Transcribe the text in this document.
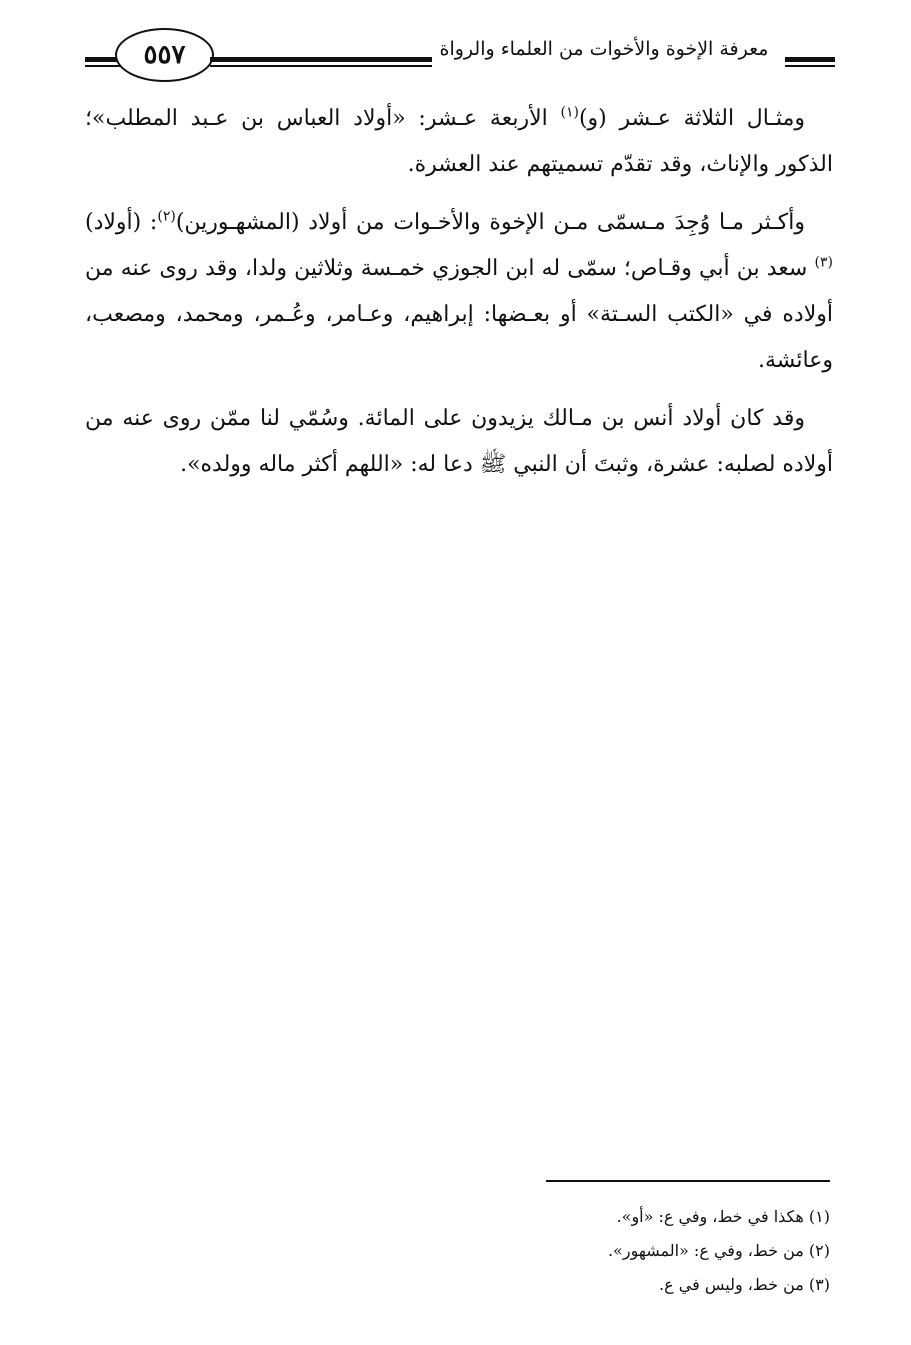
٥٥٧	معرفة الإخوة والأخوات من العلماء والرواة

ومثـال الثلاثة عـشر (و)$^{(١)}$ الأربعة عـشر: «أولاد العباس بن عـبد المطلب»؛ الذكور والإناث، وقد تقدّم تسميتهم عند العشرة.

وأكـثر مـا وُجِدَ مـسمّى مـن الإخوة والأخـوات من أولاد (المشهـورين)$^{(٢)}$: (أولاد)$^{(٣)}$ سعد بن أبي وقـاص؛ سمّى له ابن الجوزي خمـسة وثلاثين ولدا، وقد روى عنه من أولاده في «الكتب السـتة» أو بعـضها: إبراهيم، وعـامر، وعُـمر، ومحمد، ومصعب، وعائشة.

وقد كان أولاد أنس بن مـالك يزيدون على المائة. وسُمّي لنا ممّن روى عنه من أولاده لصلبه: عشرة، وثبتَ أن النبي ﷺ دعا له: «اللهم أكثر ماله وولده».

(١) هكذا في خط، وفي ع: «أو».
(٢) من خط، وفي ع: «المشهور».
(٣) من خط، وليس في ع.
